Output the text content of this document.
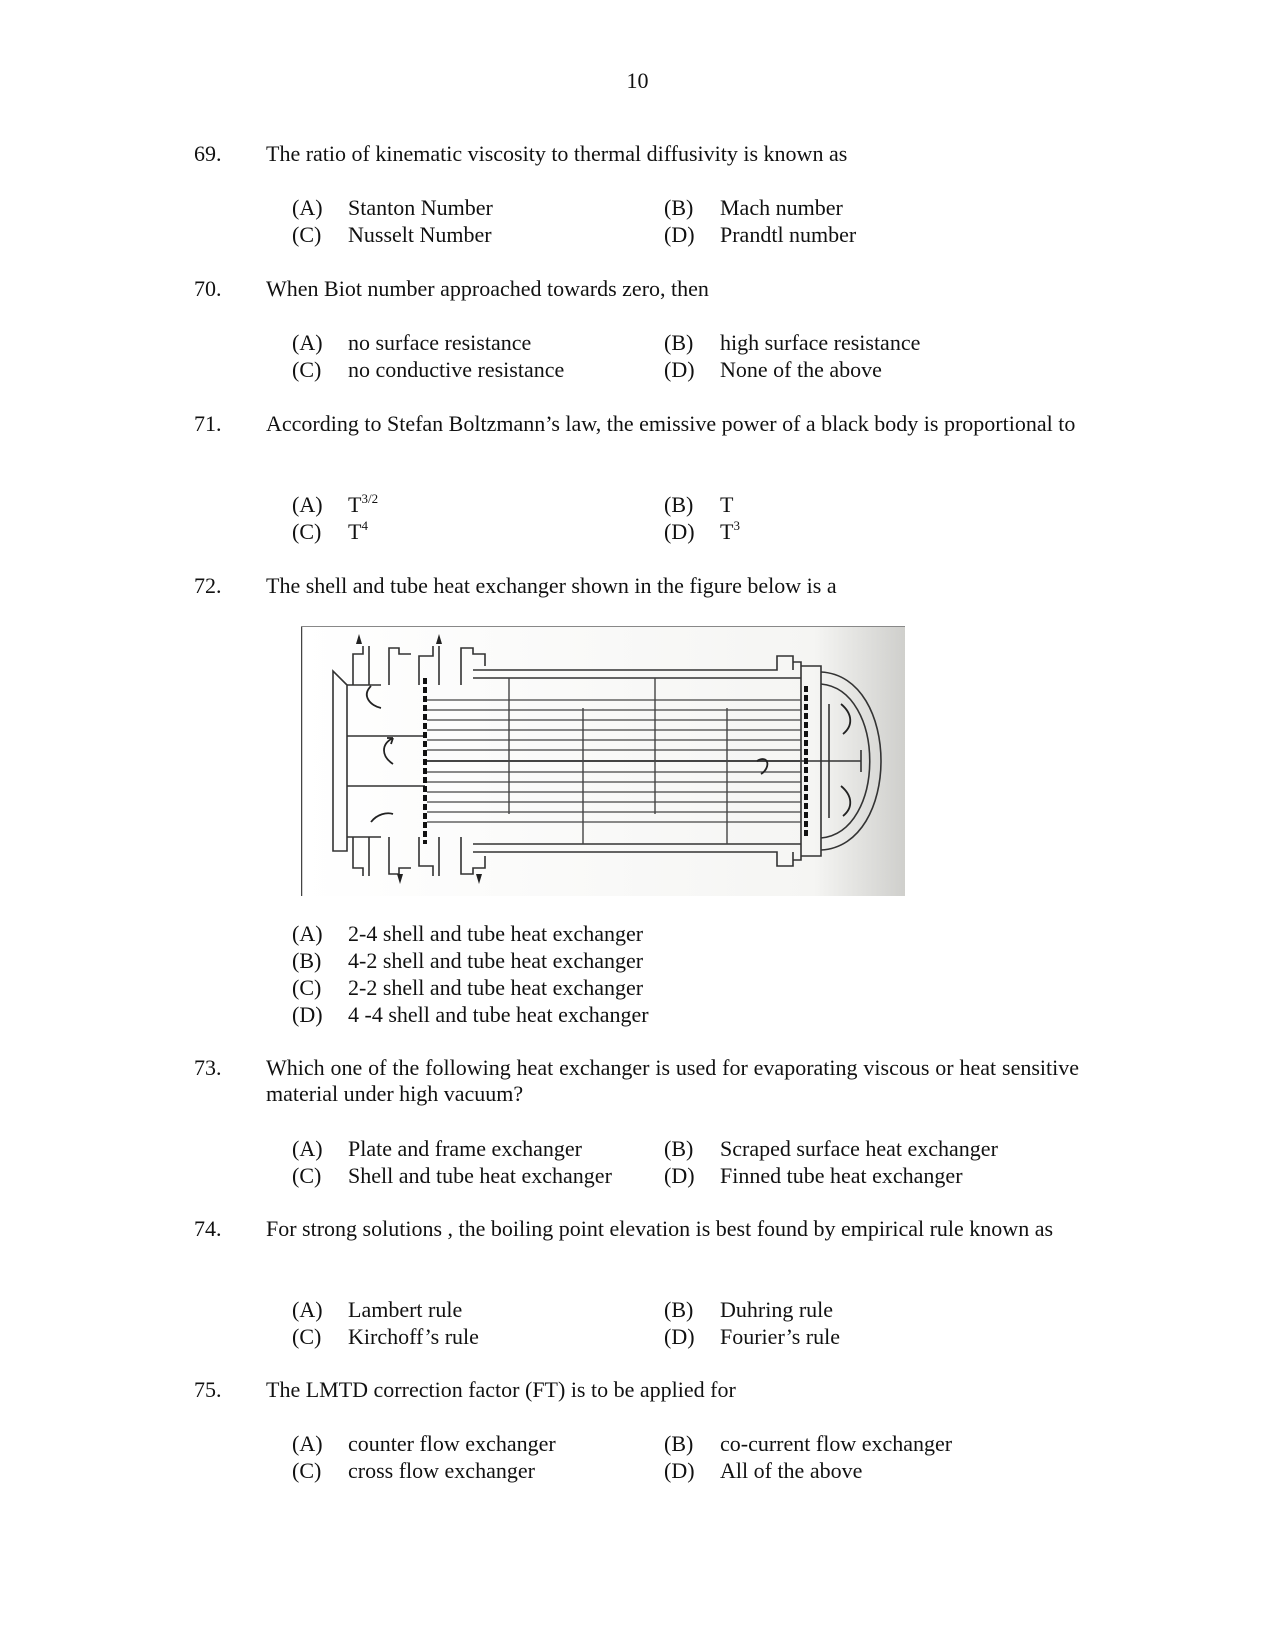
10
69. The ratio of kinematic viscosity to thermal diffusivity is known as
(A) Stanton Number	(B) Mach number
(C) Nusselt Number	(D) Prandtl number
70. When Biot number approached towards zero, then
(A) no surface resistance	(B) high surface resistance
(C) no conductive resistance	(D) None of the above
71. According to Stefan Boltzmann’s law, the emissive power of a black body is proportional to
(A) $T^{3/2}$	(B) T
(C) $T^4$	(D) $T^3$
72. The shell and tube heat exchanger shown in the figure below is a
(A) 2-4 shell and tube heat exchanger
(B) 4-2 shell and tube heat exchanger
(C) 2-2 shell and tube heat exchanger
(D) 4 -4 shell and tube heat exchanger
73. Which one of the following heat exchanger is used for evaporating viscous or heat sensitive material under high vacuum?
(A) Plate and frame exchanger	(B) Scraped surface heat exchanger
(C) Shell and tube heat exchanger (D) Finned tube heat exchanger
74. For strong solutions , the boiling point elevation is best found by empirical rule known as
(A) Lambert rule	(B) Duhring rule
(C) Kirchoff’s rule	(D) Fourier’s rule
75. The LMTD correction factor (FT) is to be applied for
(A) counter flow exchanger	(B) co-current flow exchanger
(C) cross flow exchanger	(D) All of the above
